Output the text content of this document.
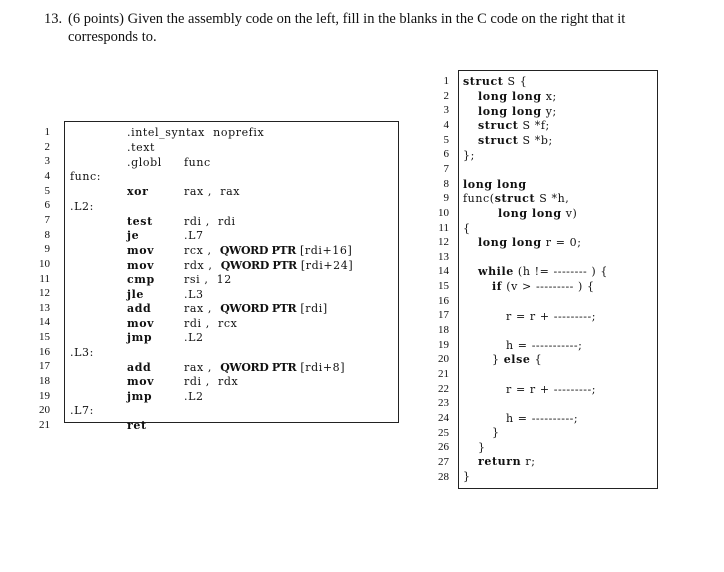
13. (6 points) Given the assembly code on the left, fill in the blanks in the C code on the right that it corresponds to.
1
2
3
4
5
6
7
8
9
10
11
12
13
14
15
16
17
18
19
20
21
.intel_syntax  noprefix
.text
.globl func
func:
xor	rax ,  rax
.L2:
test	rdi ,  rdi
je	.L7
mov	rcx ,  QWORD PTR [rdi+16]
mov	rdx ,  QWORD PTR [rdi+24]
cmp	rsi ,  12
jle	.L3
add	rax ,  QWORD PTR [rdi]
mov	rdi ,  rcx
jmp	.L2
.L3:
add	rax ,  QWORD PTR [rdi+8]
mov	rdi ,  rdx
jmp	.L2
.L7:
ret
1
2
3
4
5
6
7
8
9
10
11
12
13
14
15
16
17
18
19
20
21
22
23
24
25
26
27
28
struct S {
long long x;
long long y;
struct S *f;
struct S *b;
};
long long
func(struct S *h,
long long v)
{
long long r = 0;
while (h != -------- ) {
if (v > --------- ) {
r = r + ---------;
h = -----------;
} else {
r = r + ---------;
h = ----------;
}
}
return r;
}
